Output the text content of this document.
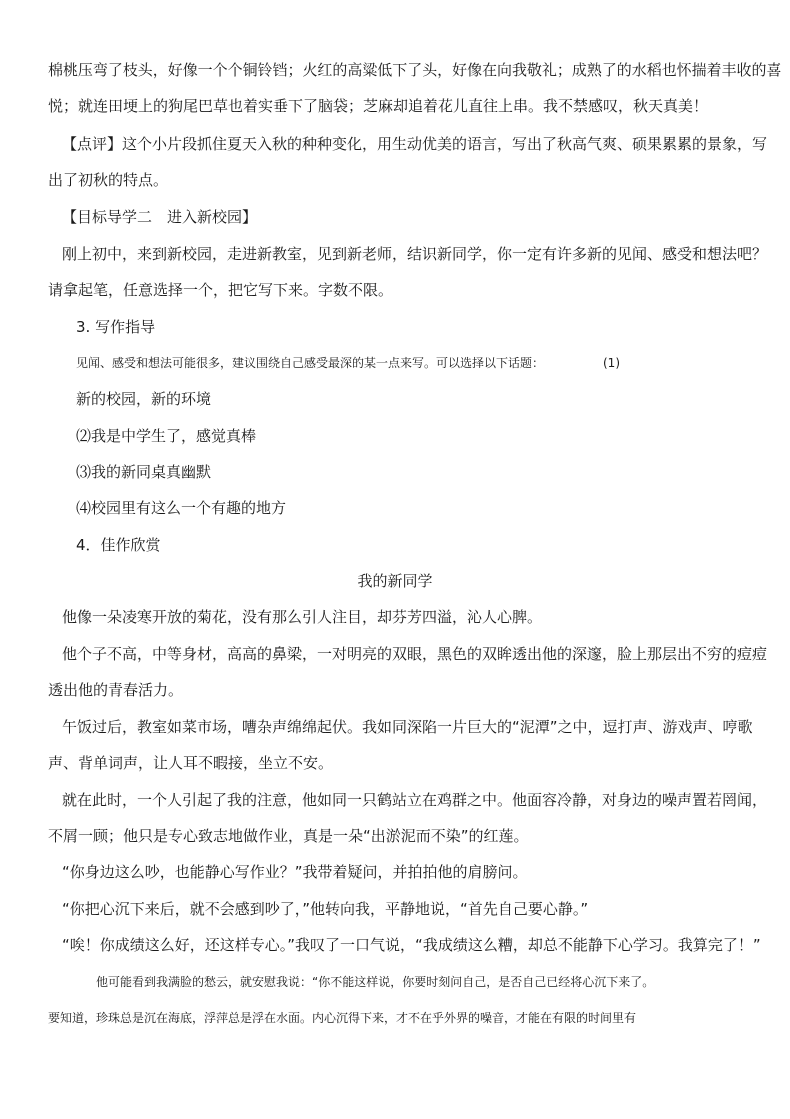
棉桃压弯了枝头，好像一个个铜铃铛；火红的高粱低下了头，好像在向我敬礼；成熟了的水稻也怀揣着丰收的喜
悦；就连田埂上的狗尾巴草也着实垂下了脑袋；芝麻却追着花儿直往上串。我不禁感叹，秋天真美！
【点评】这个小片段抓住夏天入秋的种种变化，用生动优美的语言，写出了秋高气爽、硕果累累的景象，写
出了初秋的特点。
【目标导学二　进入新校园】
刚上初中，来到新校园，走进新教室，见到新老师，结识新同学，你一定有许多新的见闻、感受和想法吧？
请拿起笔，任意选择一个，把它写下来。字数不限。
3. 写作指导
见闻、感受和想法可能很多，建议围绕自己感受最深的某一点来写。可以选择以下话题：	(1)
新的校园，新的环境
⑵我是中学生了，感觉真棒
⑶我的新同桌真幽默
⑷校园里有这么一个有趣的地方
4．佳作欣赏
我的新同学
他像一朵凌寒开放的菊花，没有那么引人注目，却芬芳四溢，沁人心脾。
他个子不高，中等身材，高高的鼻梁，一对明亮的双眼，黑色的双眸透出他的深邃，脸上那层出不穷的痘痘
透出他的青春活力。
午饭过后，教室如菜市场，嘈杂声绵绵起伏。我如同深陷一片巨大的“泥潭”之中，逗打声、游戏声、哼歌
声、背单词声，让人耳不暇接，坐立不安。
就在此时，一个人引起了我的注意，他如同一只鹤站立在鸡群之中。他面容冷静，对身边的噪声置若罔闻，
不屑一顾；他只是专心致志地做作业，真是一朵“出淤泥而不染”的红莲。
“你身边这么吵，也能静心写作业？”我带着疑问，并拍拍他的肩膀问。
“你把心沉下来后，就不会感到吵了，”他转向我，平静地说，“首先自己要心静。”
“唉！你成绩这么好，还这样专心。”我叹了一口气说，“我成绩这么糟，却总不能静下心学习。我算完了！”
他可能看到我满脸的愁云，就安慰我说：“你不能这样说，你要时刻问自己，是否自己已经将心沉下来了。
要知道，珍珠总是沉在海底，浮萍总是浮在水面。内心沉得下来，才不在乎外界的噪音，才能在有限的时间里有
